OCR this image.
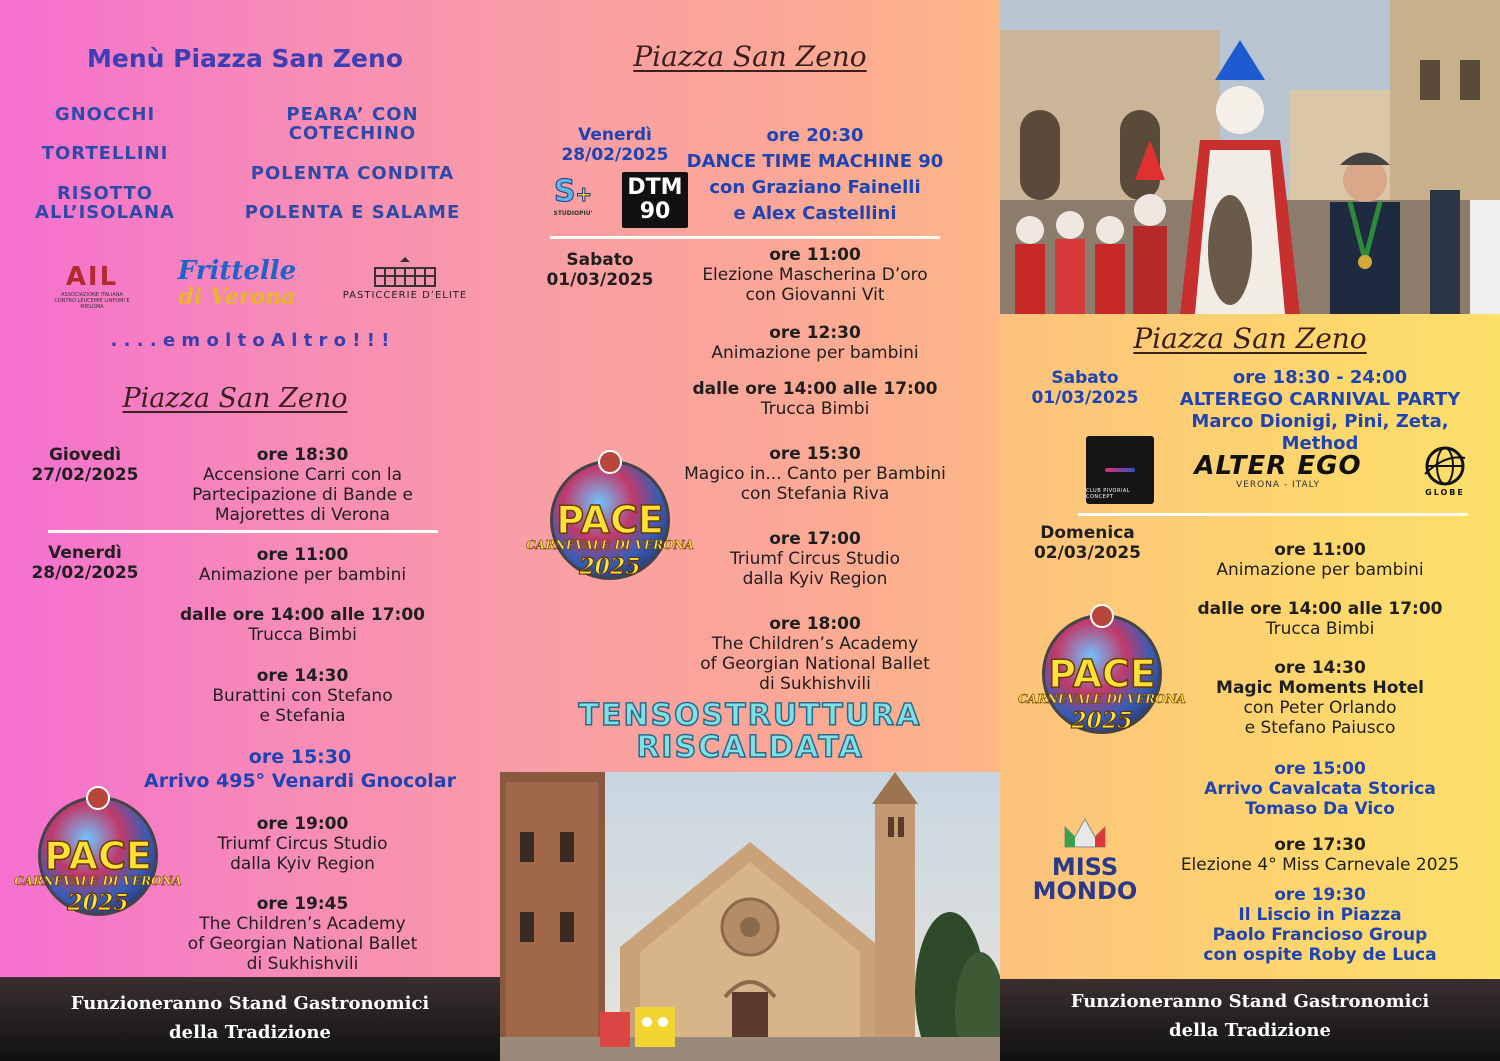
Menù Piazza San Zeno
GNOCCHI
TORTELLINI
RISOTTO
ALL’ISOLANA
PEARA’ CON
COTECHINO
POLENTA CONDITA
POLENTA E SALAME
AIL
ASSOCIAZIONE ITALIANA CONTRO LEUCEMIE LINFOMI E MIELOMA
Frittelle
di Verona	PASTICCERIE D’ELITE
. . . . e m o l t o A l t r o ! ! !
Piazza San Zeno
Giovedì
27/02/2025
ore 18:30
Accensione Carri con la
Partecipazione di Bande e
Majorettes di Verona
Venerdì
28/02/2025
ore 11:00
Animazione per bambini
dalle ore 14:00 alle 17:00
Trucca Bimbi
ore 14:30
Burattini con Stefano
e Stefania
ore 15:30
Arrivo 495° Venardi Gnocolar
ore 19:00
Triumf Circus Studio
dalla Kyiv Region
ore 19:45
The Children’s Academy
of Georgian National Ballet
di Sukhishvili
PACE
CARNEVALE DI VERONA
2025
Funzioneranno Stand Gastronomici
della Tradizione
Piazza San Zeno
Venerdì
28/02/2025
S+
STUDIOPIU'
DTM
90
ore 20:30
DANCE TIME MACHINE 90
con Graziano Fainelli
e Alex Castellini
Sabato
01/03/2025
ore 11:00
Elezione Mascherina D’oro
con Giovanni Vit
ore 12:30
Animazione per bambini
dalle ore 14:00 alle 17:00
Trucca Bimbi
ore 15:30
Magico in... Canto per Bambini
con Stefania Riva
ore 17:00
Triumf Circus Studio
dalla Kyiv Region
ore 18:00
The Children’s Academy
of Georgian National Ballet
di Sukhishvili
PACE
CARNEVALE DI VERONA
2025
TENSOSTRUTTURA
RISCALDATA
Piazza San Zeno
Sabato
01/03/2025
ore 18:30 - 24:00
ALTEREGO CARNIVAL PARTY
Marco Dionigi, Pini, Zeta, Method
CLUB PIVORIAL CONCEPT
ALTER EGO
VERONA - ITALY
GLOBE
Domenica
02/03/2025	ore 11:00
Animazione per bambini
dalle ore 14:00 alle 17:00
Trucca Bimbi
ore 14:30
Magic Moments Hotel
con Peter Orlando
e Stefano Paiusco
ore 15:00
Arrivo Cavalcata Storica
Tomaso Da Vico
ore 17:30
Elezione 4° Miss Carnevale 2025
ore 19:30
Il Liscio in Piazza
Paolo Francioso Group
con ospite Roby de Luca
PACE
CARNEVALE DI VERONA
2025
MISS
MONDO
Funzioneranno Stand Gastronomici
della Tradizione
